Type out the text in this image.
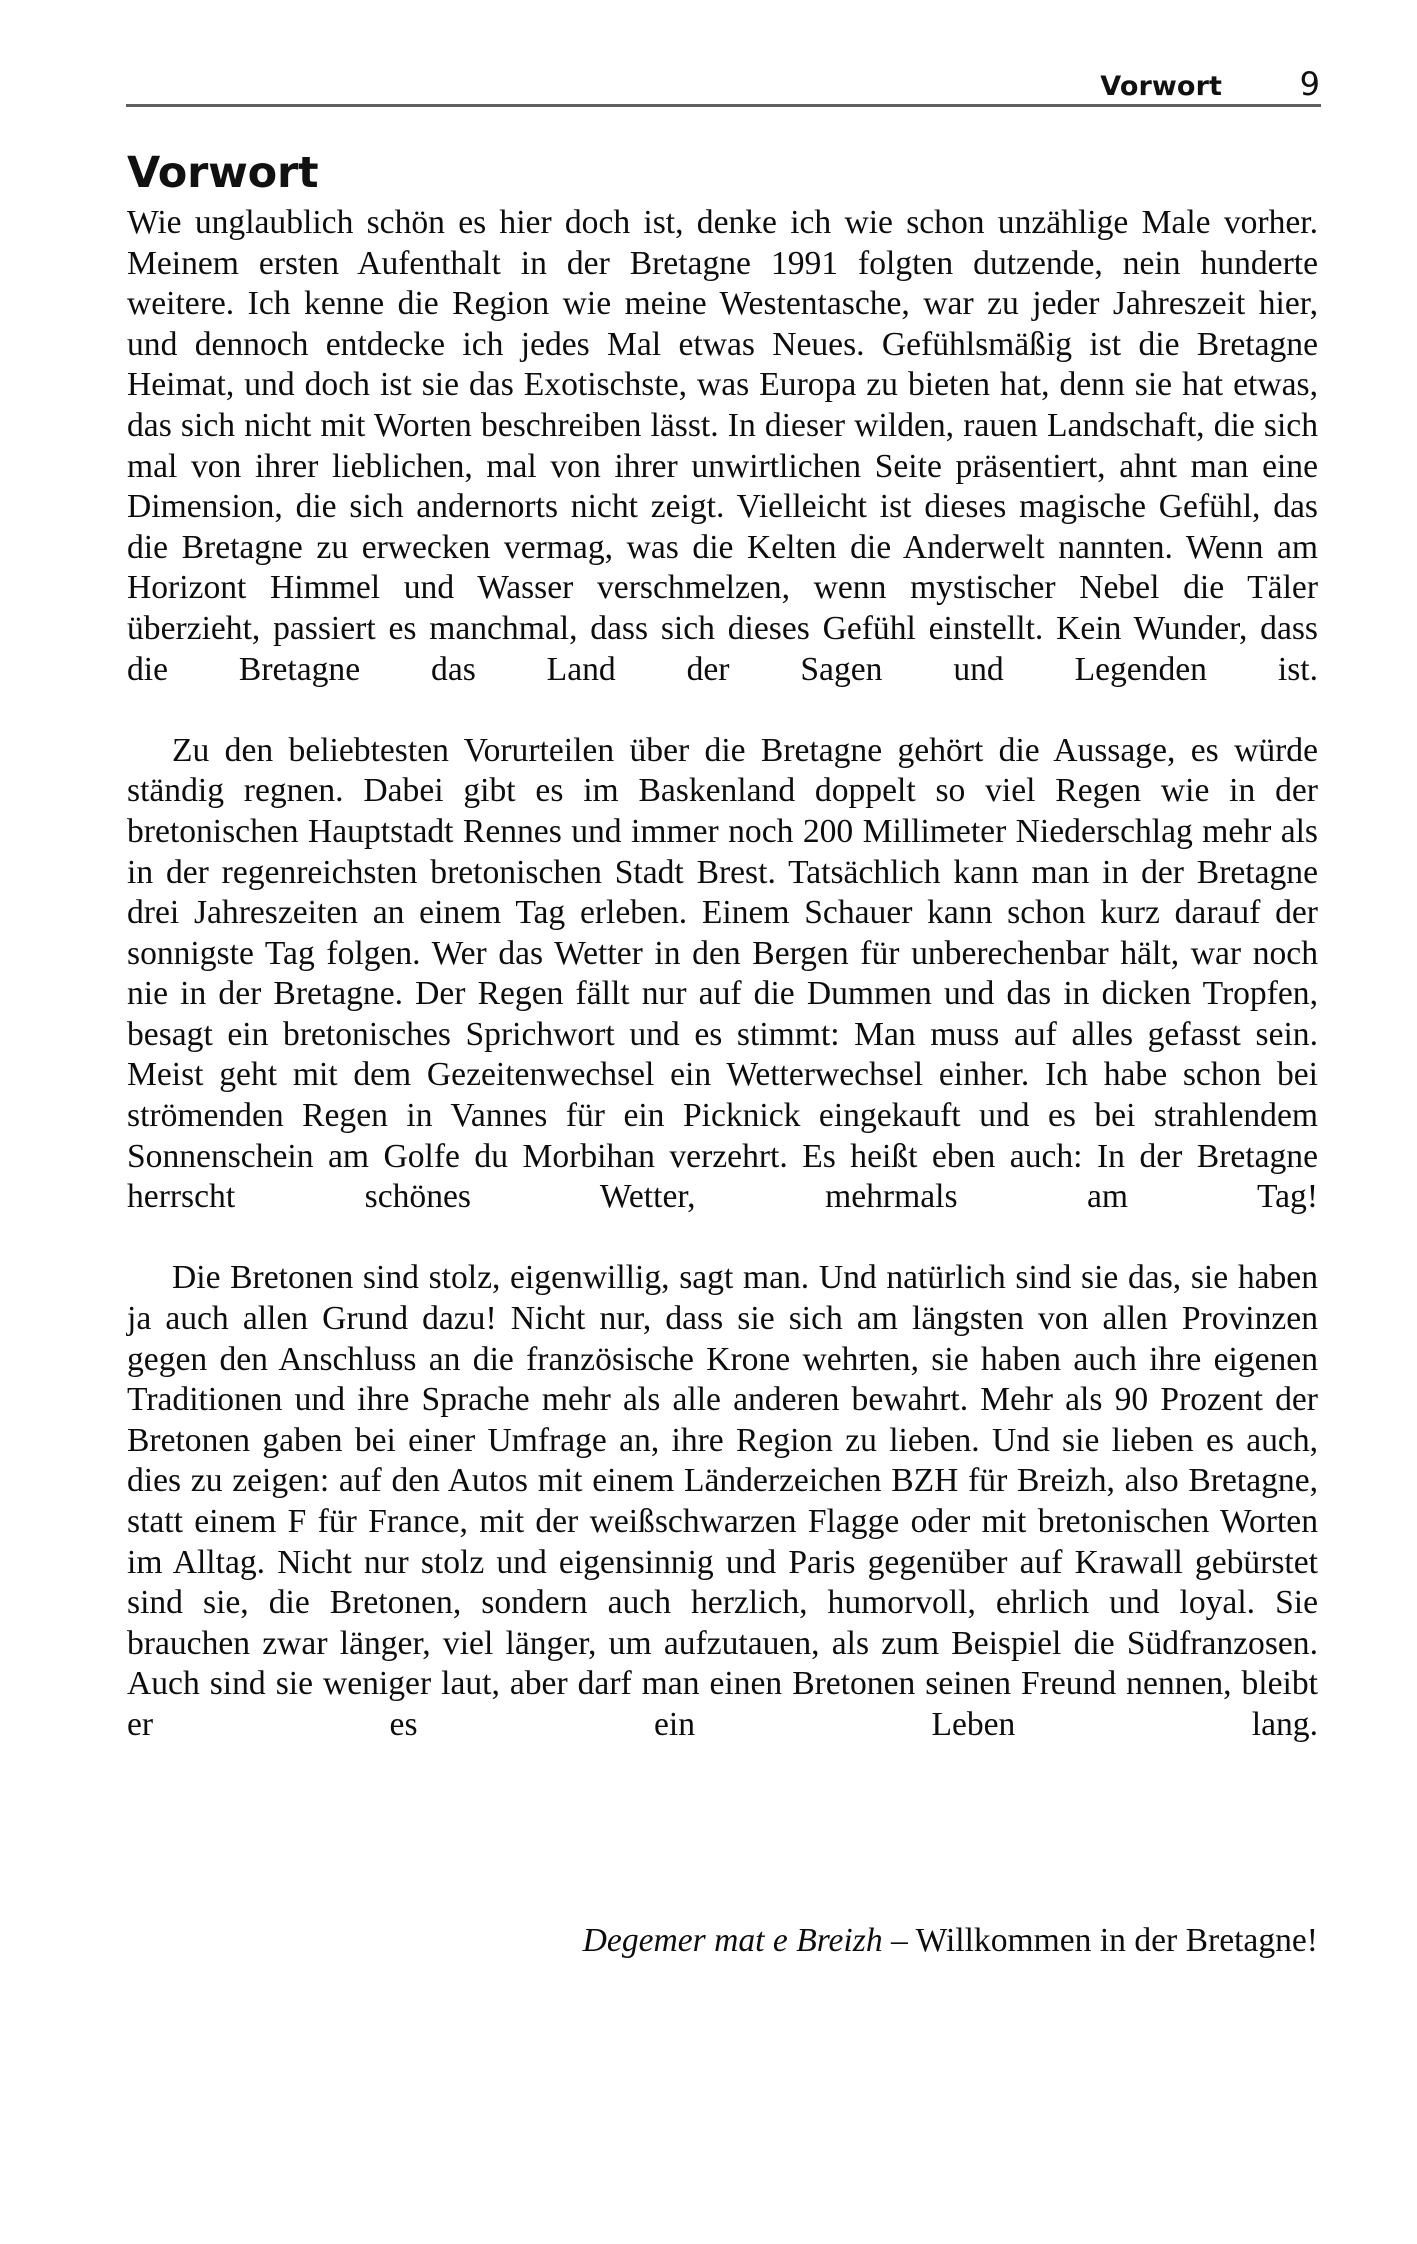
Vorwort 9
Vorwort

Wie unglaublich schön es hier doch ist, denke ich wie schon unzählige Male vorher. Meinem ersten Aufenthalt in der Bretagne 1991 folgten dutzende, nein hunderte weitere. Ich kenne die Region wie meine Westentasche, war zu jeder Jahreszeit hier, und dennoch entdecke ich jedes Mal etwas Neues. Gefühlsmäßig ist die Bretagne Heimat, und doch ist sie das Exotischste, was Europa zu bieten hat, denn sie hat etwas, das sich nicht mit Worten beschreiben lässt. In dieser wilden, rauen Landschaft, die sich mal von ihrer lieblichen, mal von ihrer unwirtlichen Seite präsentiert, ahnt man eine Dimension, die sich andernorts nicht zeigt. Vielleicht ist dieses magische Gefühl, das die Bretagne zu erwecken vermag, was die Kelten die Anderwelt nannten. Wenn am Horizont Himmel und Wasser verschmelzen, wenn mystischer Nebel die Täler überzieht, passiert es manchmal, dass sich dieses Gefühl einstellt. Kein Wunder, dass die Bretagne das Land der Sagen und Legenden ist.

Zu den beliebtesten Vorurteilen über die Bretagne gehört die Aussage, es würde ständig regnen. Dabei gibt es im Baskenland doppelt so viel Regen wie in der bretonischen Hauptstadt Rennes und immer noch 200 Millimeter Niederschlag mehr als in der regenreichsten bretonischen Stadt Brest. Tatsächlich kann man in der Bretagne drei Jahreszeiten an einem Tag erleben. Einem Schauer kann schon kurz darauf der sonnigste Tag folgen. Wer das Wetter in den Bergen für unberechenbar hält, war noch nie in der Bretagne. Der Regen fällt nur auf die Dummen und das in dicken Tropfen, besagt ein bretonisches Sprichwort und es stimmt: Man muss auf alles gefasst sein. Meist geht mit dem Gezeitenwechsel ein Wetterwechsel einher. Ich habe schon bei strömenden Regen in Vannes für ein Picknick eingekauft und es bei strahlendem Sonnenschein am Golfe du Morbihan verzehrt. Es heißt eben auch: In der Bretagne herrscht schönes Wetter, mehrmals am Tag!

Die Bretonen sind stolz, eigenwillig, sagt man. Und natürlich sind sie das, sie haben ja auch allen Grund dazu! Nicht nur, dass sie sich am längsten von allen Provinzen gegen den Anschluss an die französische Krone wehrten, sie haben auch ihre eigenen Traditionen und ihre Sprache mehr als alle anderen bewahrt. Mehr als 90 Prozent der Bretonen gaben bei einer Umfrage an, ihre Region zu lieben. Und sie lieben es auch, dies zu zeigen: auf den Autos mit einem Länderzeichen BZH für Breizh, also Bretagne, statt einem F für France, mit der weißschwarzen Flagge oder mit bretonischen Worten im Alltag. Nicht nur stolz und eigensinnig und Paris gegenüber auf Krawall gebürstet sind sie, die Bretonen, sondern auch herzlich, humorvoll, ehrlich und loyal. Sie brauchen zwar länger, viel länger, um aufzutauen, als zum Beispiel die Südfranzosen. Auch sind sie weniger laut, aber darf man einen Bretonen seinen Freund nennen, bleibt er es ein Leben lang.

Degemer mat e Breizh – Willkommen in der Bretagne!
